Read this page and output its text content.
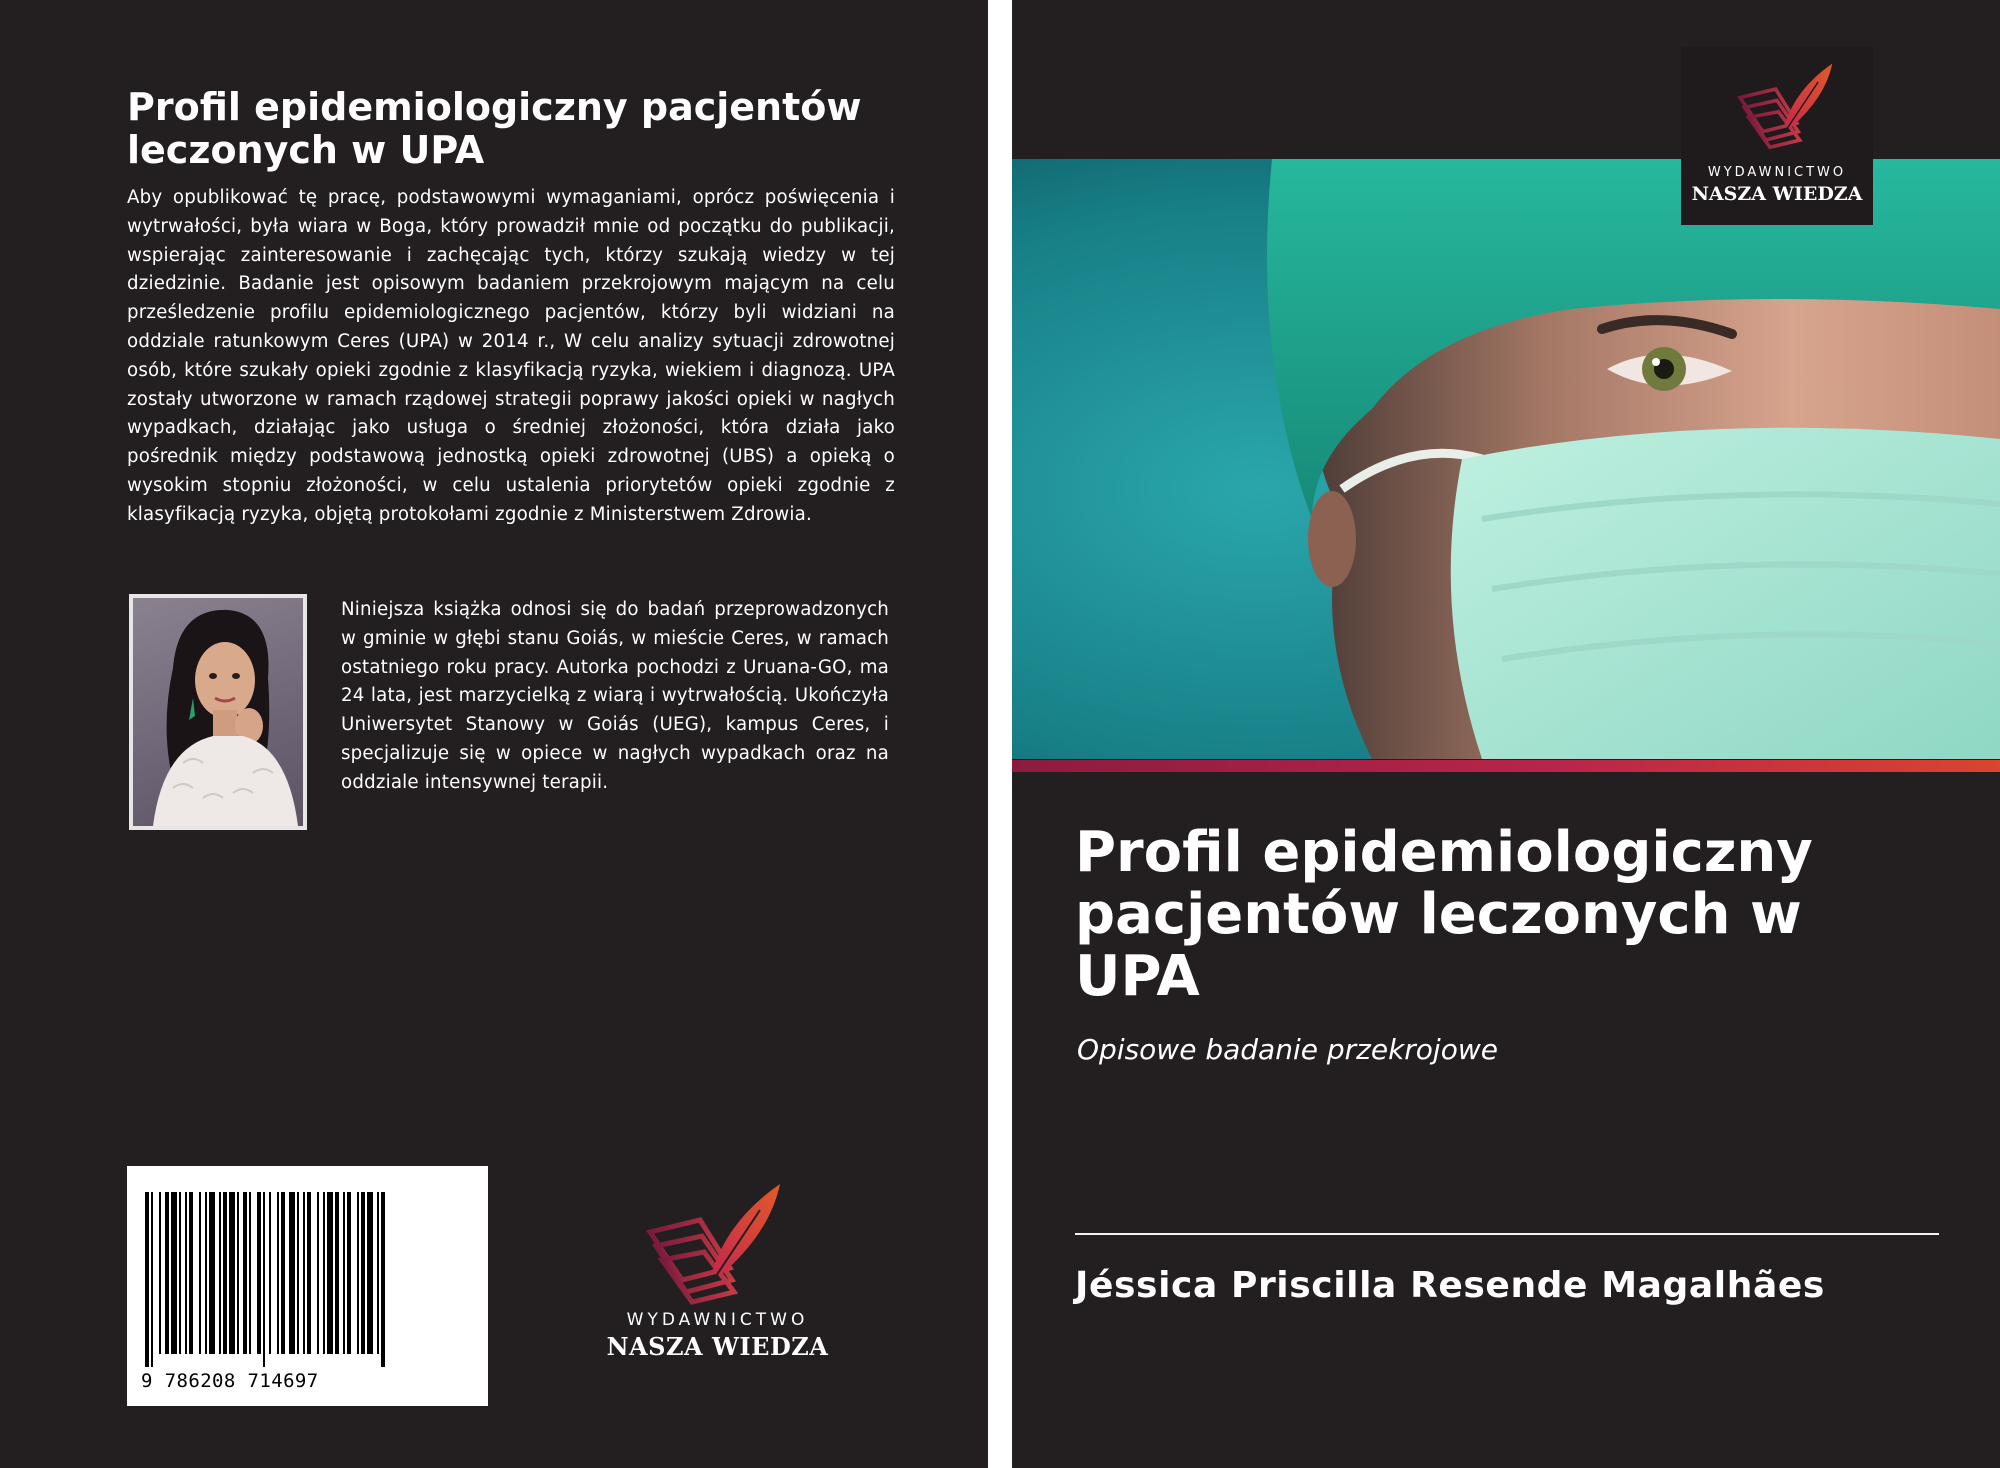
Profil epidemiologiczny pacjentów leczonych w UPA

Aby opublikować tę pracę, podstawowymi wymaganiami, oprócz poświęcenia i wytrwałości, była wiara w Boga, który prowadził mnie od początku do publikacji, wspierając zainteresowanie i zachęcając tych, którzy szukają wiedzy w tej dziedzinie. Badanie jest opisowym badaniem przekrojowym mającym na celu prześledzenie profilu epidemiologicznego pacjentów, którzy byli widziani na oddziale ratunkowym Ceres (UPA) w 2014 r., W celu analizy sytuacji zdrowotnej osób, które szukały opieki zgodnie z klasyfikacją ryzyka, wiekiem i diagnozą. UPA zostały utworzone w ramach rządowej strategii poprawy jakości opieki w nagłych wypadkach, działając jako usługa o średniej złożoności, która działa jako pośrednik między podstawową jednostką opieki zdrowotnej (UBS) a opieką o wysokim stopniu złożoności, w celu ustalenia priorytetów opieki zgodnie z klasyfikacją ryzyka, objętą protokołami zgodnie z Ministerstwem Zdrowia.

Niniejsza książka odnosi się do badań przeprowadzonych w gminie w głębi stanu Goiás, w mieście Ceres, w ramach ostatniego roku pracy. Autorka pochodzi z Uruana-GO, ma 24 lata, jest marzycielką z wiarą i wytrwałością. Ukończyła Uniwersytet Stanowy w Goiás (UEG), kampus Ceres, i specjalizuje się w opiece w nagłych wypadkach oraz na oddziale intensywnej terapii.

9 786208 714697
WYDAWNICTWO
NASZA WIEDZA
WYDAWNICTWO
NASZA WIEDZA
Profil epidemiologiczny pacjentów leczonych w UPA
Opisowe badanie przekrojowe
Jéssica Priscilla Resende Magalhães
